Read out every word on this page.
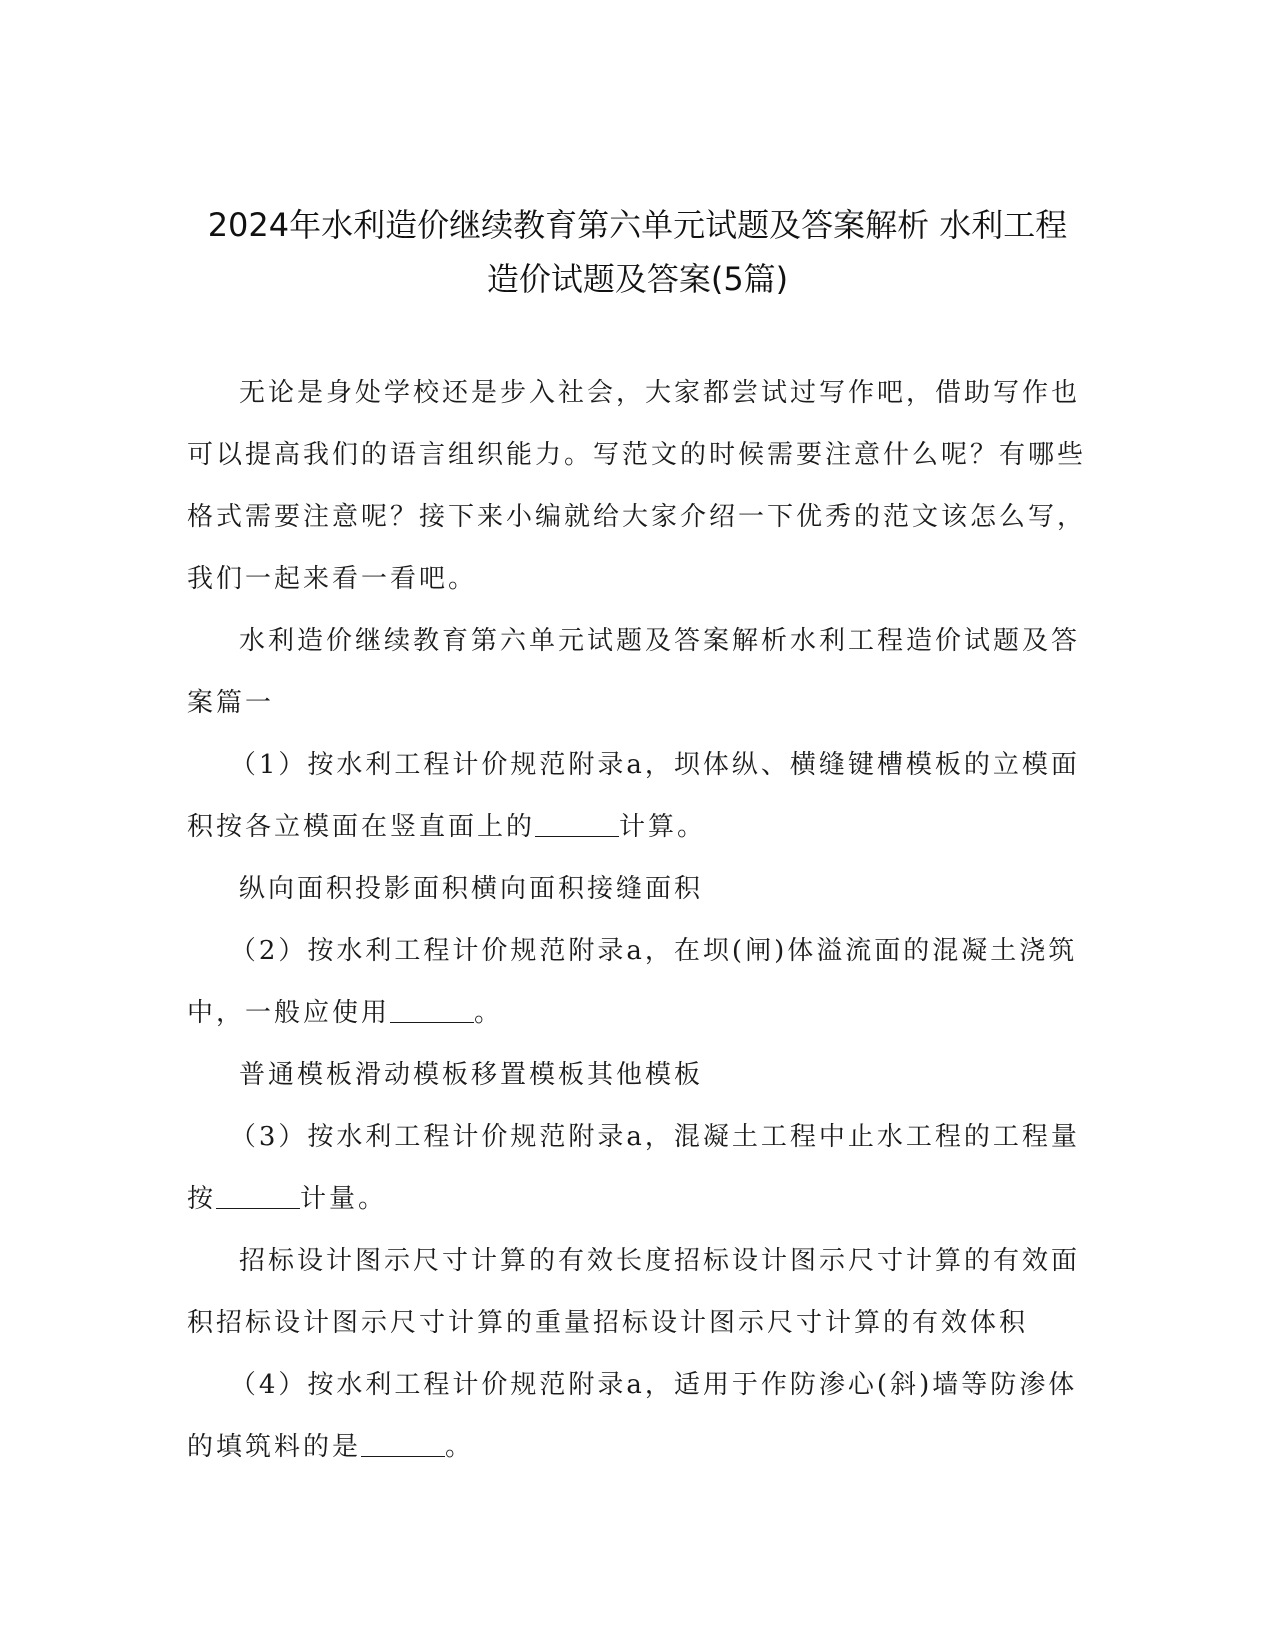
2024年水利造价继续教育第六单元试题及答案解析 水利工程
造价试题及答案(5篇)

无论是身处学校还是步入社会，大家都尝试过写作吧，借助写作也可以提高我们的语言组织能力。写范文的时候需要注意什么呢？有哪些格式需要注意呢？接下来小编就给大家介绍一下优秀的范文该怎么写，我们一起来看一看吧。

水利造价继续教育第六单元试题及答案解析水利工程造价试题及答案篇一

（1）按水利工程计价规范附录a，坝体纵、横缝键槽模板的立模面积按各立模面在竖直面上的	计算。

纵向面积投影面积横向面积接缝面积

（2）按水利工程计价规范附录a，在坝(闸)体溢流面的混凝土浇筑中，一般应使用	。

普通模板滑动模板移置模板其他模板

（3）按水利工程计价规范附录a，混凝土工程中止水工程的工程量按	计量。

招标设计图示尺寸计算的有效长度招标设计图示尺寸计算的有效面积招标设计图示尺寸计算的重量招标设计图示尺寸计算的有效体积

（4）按水利工程计价规范附录a，适用于作防渗心(斜)墙等防渗体的填筑料的是	。
